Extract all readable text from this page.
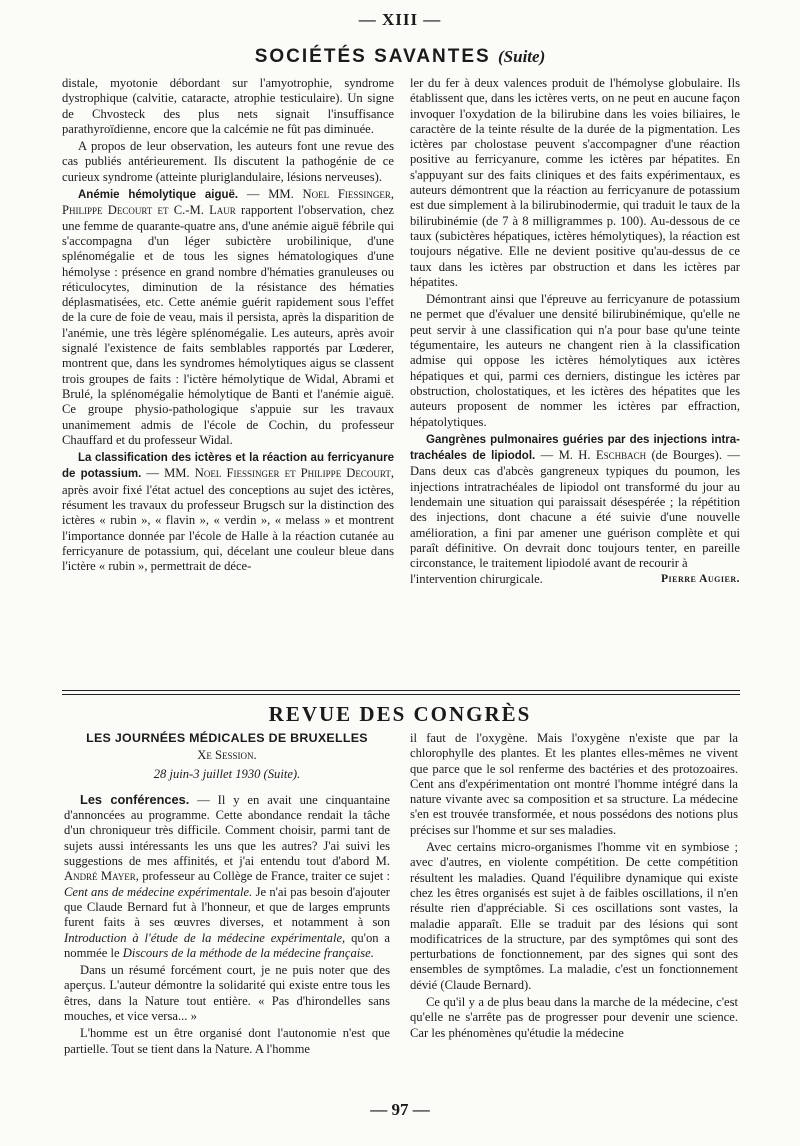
— XIII —
SOCIÉTÉS SAVANTES (Suite)

distale, myotonie débordant sur l'amyotrophie, syndrome dystrophique (calvitie, cataracte, atrophie testiculaire). Un signe de Chvosteck des plus nets signait l'insuffisance parathyroïdienne, encore que la calcémie ne fût pas diminuée.

A propos de leur observation, les auteurs font une revue des cas publiés antérieurement. Ils discutent la pathogénie de ce curieux syndrome (atteinte pluriglandulaire, lésions nerveuses).

Anémie hémolytique aiguë. — MM. Noel Fiessinger, Philippe Decourt et C.-M. Laur rapportent l'observation, chez une femme de quarante-quatre ans, d'une anémie aiguë fébrile qui s'accompagna d'un léger subictère urobilinique, d'une splénomégalie et de tous les signes hématologiques d'une hémolyse : présence en grand nombre d'hématies granuleuses ou réticulocytes, diminution de la résistance des hématies déplasmatisées, etc. Cette anémie guérit rapidement sous l'effet de la cure de foie de veau, mais il persista, après la disparition de l'anémie, une très légère splénomégalie. Les auteurs, après avoir signalé l'existence de faits semblables rapportés par Lœderer, montrent que, dans les syndromes hémolytiques aigus se classent trois groupes de faits : l'ictère hémolytique de Widal, Abrami et Brulé, la splénomégalie hémolytique de Banti et l'anémie aiguë. Ce groupe physio-pathologique s'appuie sur les travaux unanimement admis de l'école de Cochin, du professeur Chauffard et du professeur Widal.

La classification des ictères et la réaction au ferricyanure de potassium. — MM. Noel Fiessinger et Philippe Decourt, après avoir fixé l'état actuel des conceptions au sujet des ictères, résument les travaux du professeur Brugsch sur la distinction des ictères « rubin », « flavin », « verdin », « melass » et montrent l'importance donnée par l'école de Halle à la réaction cutanée au ferricyanure de potassium, qui, décelant une couleur bleue dans l'ictère « rubin », permettrait de déce-

ler du fer à deux valences produit de l'hémolyse globulaire. Ils établissent que, dans les ictères verts, on ne peut en aucune façon invoquer l'oxydation de la bilirubine dans les voies biliaires, le caractère de la teinte résulte de la durée de la pigmentation. Les ictères par cholostase peuvent s'accompagner d'une réaction positive au ferricyanure, comme les ictères par hépatites. En s'appuyant sur des faits cliniques et des faits expérimentaux, es auteurs démontrent que la réaction au ferricyanure de potassium est due simplement à la bilirubinodermie, qui traduit le taux de la bilirubinémie (de 7 à 8 milligrammes p. 100). Au-dessous de ce taux (subictères hépatiques, ictères hémolytiques), la réaction est toujours négative. Elle ne devient positive qu'au-dessus de ce taux dans les ictères par obstruction et dans les ictères par hépatites.

Démontrant ainsi que l'épreuve au ferricyanure de potassium ne permet que d'évaluer une densité bilirubinémique, qu'elle ne peut servir à une classification qui n'a pour base qu'une teinte tégumentaire, les auteurs ne changent rien à la classification admise qui oppose les ictères hémolytiques aux ictères hépatiques et qui, parmi ces derniers, distingue les ictères par obstruction, cholostatiques, et les ictères des hépatites que les auteurs proposent de nommer les ictères par effraction, hépatolytiques.

Gangrènes pulmonaires guéries par des injections intra-trachéales de lipiodol. — M. H. Eschbach (de Bourges). — Dans deux cas d'abcès gangreneux typiques du poumon, les injections intratrachéales de lipiodol ont transformé du jour au lendemain une situation qui paraissait désespérée ; la répétition des injections, dont chacune a été suivie d'une nouvelle amélioration, a fini par amener une guérison complète et qui paraît définitive. On devrait donc toujours tenter, en pareille circonstance, le traitement lipiodolé avant de recourir à

l'intervention chirurgicale.	Pierre Augier.
REVUE DES CONGRÈS
LES JOURNÉES MÉDICALES DE BRUXELLES
Xe Session.
28 juin-3 juillet 1930 (Suite).

Les conférences. — Il y en avait une cinquantaine d'annoncées au programme. Cette abondance rendait la tâche d'un chroniqueur très difficile. Comment choisir, parmi tant de sujets aussi intéressants les uns que les autres? J'ai suivi les suggestions de mes affinités, et j'ai entendu tout d'abord M. André Mayer, professeur au Collège de France, traiter ce sujet : Cent ans de médecine expérimentale. Je n'ai pas besoin d'ajouter que Claude Bernard fut à l'honneur, et que de larges emprunts furent faits à ses œuvres diverses, et notamment à son Introduction à l'étude de la médecine expérimentale, qu'on a nommée le Discours de la méthode de la médecine française.

Dans un résumé forcément court, je ne puis noter que des aperçus. L'auteur démontre la solidarité qui existe entre tous les êtres, dans la Nature tout entière. « Pas d'hirondelles sans mouches, et vice versa... »

L'homme est un être organisé dont l'autonomie n'est que partielle. Tout se tient dans la Nature. A l'homme

il faut de l'oxygène. Mais l'oxygène n'existe que par la chlorophylle des plantes. Et les plantes elles-mêmes ne vivent que parce que le sol renferme des bactéries et des protozoaires. Cent ans d'expérimentation ont montré l'homme intégré dans la nature vivante avec sa composition et sa structure. La médecine s'en est trouvée transformée, et nous possédons des notions plus précises sur l'homme et sur ses maladies.

Avec certains micro-organismes l'homme vit en symbiose ; avec d'autres, en violente compétition. De cette compétition résultent les maladies. Quand l'équilibre dynamique qui existe chez les êtres organisés est sujet à de faibles oscillations, il n'en résulte rien d'appréciable. Si ces oscillations sont vastes, la maladie apparaît. Elle se traduit par des lésions qui sont modificatrices de la structure, par des symptômes qui sont des perturbations de fonctionnement, par des signes qui sont des ensembles de symptômes. La maladie, c'est un fonctionnement dévié (Claude Bernard).

Ce qu'il y a de plus beau dans la marche de la médecine, c'est qu'elle ne s'arrête pas de progresser pour devenir une science. Car les phénomènes qu'étudie la médecine

— 97 —
